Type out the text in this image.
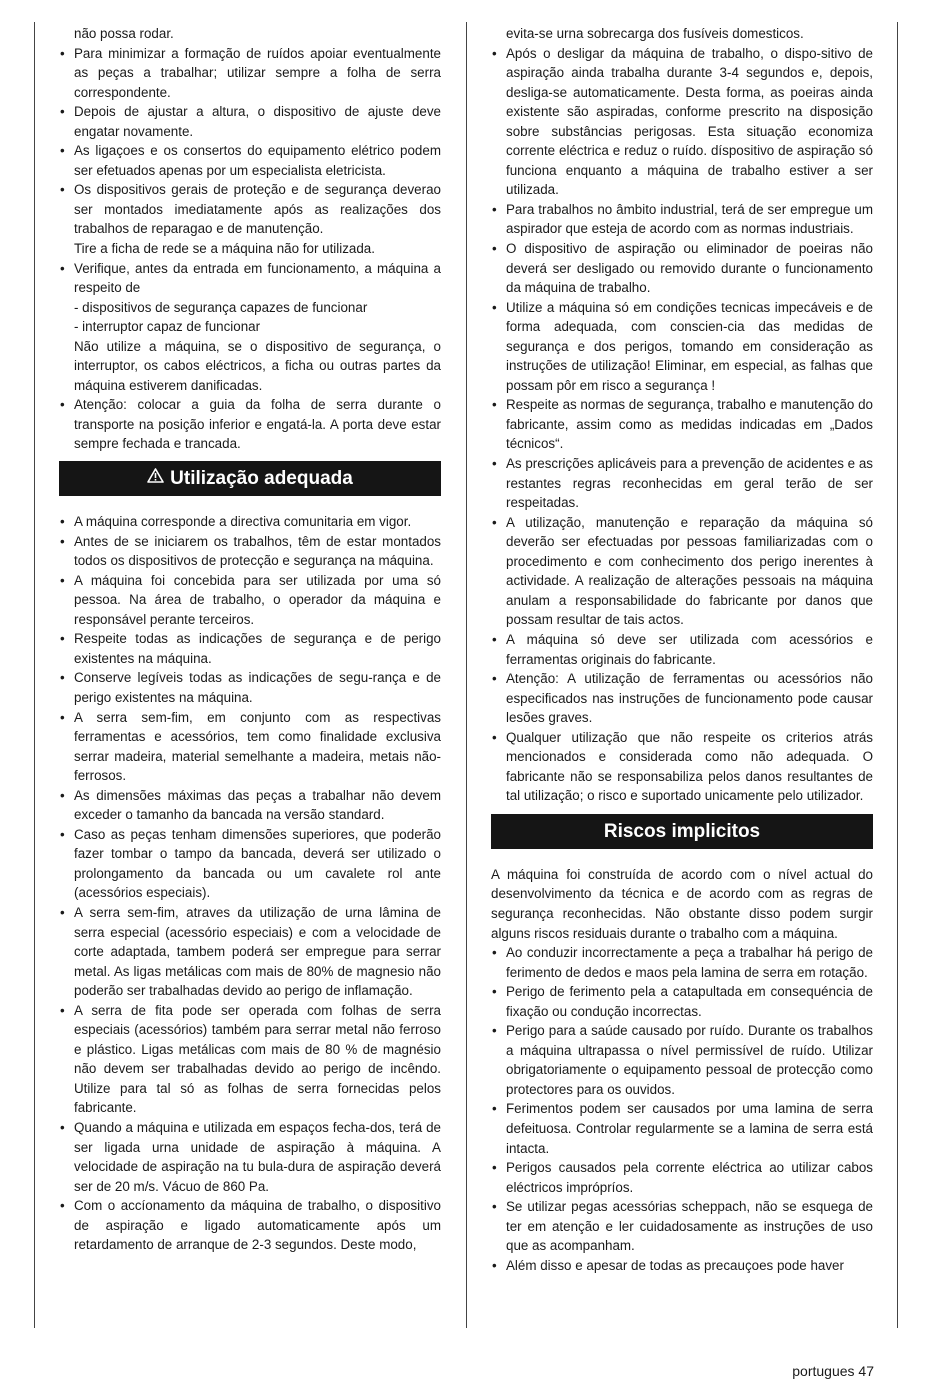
não possa rodar.
• Para minimizar a formação de ruídos apoiar eventualmente as peças a trabalhar; utilizar sempre a folha de serra correspondente.
• Depois de ajustar a altura, o dispositivo de ajuste deve engatar novamente.
• As ligaçoes e os consertos do equipamento elétrico podem ser efetuados apenas por um especialista eletricista.
• Os dispositivos gerais de proteção e de segurança deverao ser montados imediatamente após as realizações dos trabalhos de reparagao e de manutenção.
Tire a ficha de rede se a máquina não for utilizada.
• Verifique, antes da entrada em funcionamento, a máquina a respeito de
- dispositivos de segurança capazes de funcionar
- interruptor capaz de funcionar
Não utilize a máquina, se o dispositivo de segurança, o interruptor, os cabos eléctricos, a ficha ou outras partes da máquina estiverem danificadas.
• Atenção: colocar a guia da folha de serra durante o transporte na posição inferior e engatá-la. A porta deve estar sempre fechada e trancada.
Utilização adequada
• A máquina corresponde a directiva comunitaria em vigor.
• Antes de se iniciarem os trabalhos, têm de estar montados todos os dispositivos de protecção e segurança na máquina.
• A máquina foi concebida para ser utilizada por uma só pessoa. Na área de trabalho, o operador da máquina e responsável perante terceiros.
• Respeite todas as indicações de segurança e de perigo existentes na máquina.
• Conserve legíveis todas as indicações de segu-rança e de perigo existentes na máquina.
• A serra sem-fim, em conjunto com as respectivas ferramentas e acessórios, tem como finalidade exclusiva serrar madeira, material semelhante a madeira, metais não-ferrosos.
• As dimensões máximas das peças a trabalhar não devem exceder o tamanho da bancada na versão standard.
• Caso as peças tenham dimensões superiores, que poderão fazer tombar o tampo da bancada, deverá ser utilizado o prolongamento da bancada ou um cavalete rol ante (acessórios especiais).
• A serra sem-fim, atraves da utilização de urna lâmina de serra especial (acessório especiais) e com a velocidade de corte adaptada, tambem poderá ser empregue para serrar metal. As ligas metálicas com mais de 80% de magnesio não poderão ser trabalhadas devido ao perigo de inflamação.
• A serra de fita pode ser operada com folhas de serra especiais (acessórios) também para serrar metal não ferroso e plástico. Ligas metálicas com mais de 80 % de magnésio não devem ser trabalhadas devido ao perigo de incêndo. Utilize para tal só as folhas de serra fornecidas pelos fabricante.
• Quando a máquina e utilizada em espaços fecha-dos, terá de ser ligada urna unidade de aspiração à máquina. A velocidade de aspiração na tu bula-dura de aspiração deverá ser de 20 m/s. Vácuo de 860 Pa.
• Com o accíonamento da máquina de trabalho, o dispositivo de aspiração e ligado automaticamente após um retardamento de arranque de 2-3 segundos. Deste modo,
evita-se urna sobrecarga dos fusíveis domesticos.
• Após o desligar da máquina de trabalho, o dispo-sitivo de aspiração ainda trabalha durante 3-4 segundos e, depois, desliga-se automaticamente. Desta forma, as poeiras ainda existente são aspiradas, conforme prescrito na disposição sobre substâncias perigosas. Esta situação economiza corrente eléctrica e reduz o ruído. díspositivo de aspiração só funciona enquanto a máquina de trabalho estiver a ser utilizada.
• Para trabalhos no âmbito industrial, terá de ser empregue um aspirador que esteja de acordo com as normas industriais.
• O dispositivo de aspiração ou eliminador de poeiras não deverá ser desligado ou removido durante o funcionamento da máquina de trabalho.
• Utilize a máquina só em condições tecnicas impecáveis e de forma adequada, com conscien-cia das medidas de segurança e dos perigos, tomando em consideração as instruções de utilização! Eliminar, em especial, as falhas que possam pôr em risco a segurança !
• Respeite as normas de segurança, trabalho e manutenção do fabricante, assim como as medidas indicadas em „Dados técnicos“.
• As prescrições aplicáveis para a prevenção de acidentes e as restantes regras reconhecidas em geral terão de ser respeitadas.
• A utilização, manutenção e reparação da máquina só deverão ser efectuadas por pessoas familiarizadas com o procedimento e com conhecimento dos perigo inerentes à actividade. A realização de alterações pessoais na máquina anulam a responsabilidade do fabricante por danos que possam resultar de tais actos.
• A máquina só deve ser utilizada com acessórios e ferramentas originais do fabricante.
• Atenção: A utilização de ferramentas ou acessórios não especificados nas instruções de funcionamento pode causar lesões graves.
• Qualquer utilização que não respeite os criterios atrás mencionados e considerada como não adequada. O fabricante não se responsabiliza pelos danos resultantes de tal utilização; o risco e suportado unicamente pelo utilizador.
Riscos implicitos

A máquina foi construída de acordo com o nível actual do desenvolvimento da técnica e de acordo com as regras de segurança reconhecidas. Não obstante disso podem surgir alguns riscos residuais durante o trabalho com a máquina.

• Ao conduzir incorrectamente a peça a trabalhar há perigo de ferimento de dedos e maos pela lamina de serra em rotação.
• Perigo de ferimento pela a catapultada em consequéncia de fixação ou condução incorrectas.
• Perigo para a saúde causado por ruído. Durante os trabalhos a máquina ultrapassa o nível permissível de ruído. Utilizar obrigatoriamente o equipamento pessoal de protecção como protectores para os ouvidos.
• Ferimentos podem ser causados por uma lamina de serra defeituosa. Controlar regularmente se a lamina de serra está intacta.
• Perigos causados pela corrente eléctrica ao utilizar cabos eléctricos imprópríos.
• Se utilizar pegas acessórias scheppach, não se esquega de ter em atenção e ler cuidadosamente as instruções de uso que as acompanham.
• Além disso e apesar de todas as precauçoes pode haver
portugues 47
